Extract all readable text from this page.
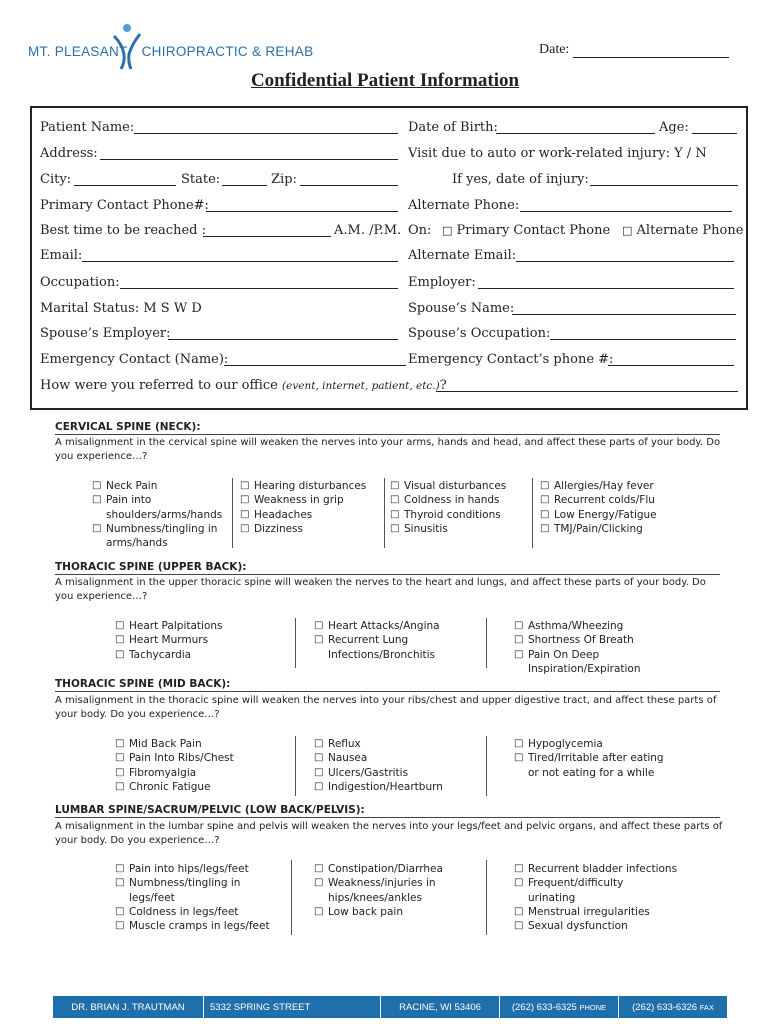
MT. PLEASANT CHIROPRACTIC & REHAB	Date:
Confidential Patient Information
Patient Name:	Date of Birth:	Age:
Address:	Visit due to auto or work-related injury: Y / N
City:	State:	Zip:	If yes, date of injury:
Primary Contact Phone#:	Alternate Phone:
Best time to be reached :	A.M. /P.M. On: □ Primary Contact Phone □ Alternate Phone
Email:	Alternate Email:
Occupation:	Employer:
Marital Status: M S W D	Spouse’s Name:
Spouse’s Employer:	Spouse’s Occupation:
Emergency Contact (Name):	Emergency Contact’s phone #:
How were you referred to our office (event, internet, patient, etc.)?
CERVICAL SPINE (NECK):
A misalignment in the cervical spine will weaken the nerves into your arms, hands and head, and affect these parts of your body. Do you experience…?
□ Neck Pain
□ Pain into
shoulders/arms/hands
□ Numbness/tingling in
arms/hands
□ Hearing disturbances
□ Weakness in grip
□ Headaches
□ Dizziness
□ Visual disturbances
□ Coldness in hands
□ Thyroid conditions
□ Sinusitis
□ Allergies/Hay fever
□ Recurrent colds/Flu
□ Low Energy/Fatigue
□ TMJ/Pain/Clicking
THORACIC SPINE (UPPER BACK):
A misalignment in the upper thoracic spine will weaken the nerves to the heart and lungs, and affect these parts of your body. Do you experience…?
□ Heart Palpitations
□ Heart Murmurs
□ Tachycardia
□ Heart Attacks/Angina
□ Recurrent Lung
Infections/Bronchitis
□ Asthma/Wheezing
□ Shortness Of Breath
□ Pain On Deep
Inspiration/Expiration
THORACIC SPINE (MID BACK):
A misalignment in the thoracic spine will weaken the nerves into your ribs/chest and upper digestive tract, and affect these parts of your body. Do you experience…?
□ Mid Back Pain
□ Pain Into Ribs/Chest
□ Fibromyalgia
□ Chronic Fatigue
□ Reflux
□ Nausea
□ Ulcers/Gastritis
□ Indigestion/Heartburn
□ Hypoglycemia
□ Tired/Irritable after eating
or not eating for a while
LUMBAR SPINE/SACRUM/PELVIC (LOW BACK/PELVIS):
A misalignment in the lumbar spine and pelvis will weaken the nerves into your legs/feet and pelvic organs, and affect these parts of your body. Do you experience…?
□ Pain into hips/legs/feet
□ Numbness/tingling in
legs/feet
□ Coldness in legs/feet
□ Muscle cramps in legs/feet
□ Constipation/Diarrhea
□ Weakness/injuries in
hips/knees/ankles
□ Low back pain
□ Recurrent bladder infections
□ Frequent/difficulty
urinating
□ Menstrual irregularities
□ Sexual dysfunction
DR. BRIAN J. TRAUTMAN	5332 SPRING STREET	RACINE, WI 53406	(262) 633-6325 PHONE	(262) 633-6326 FAX
